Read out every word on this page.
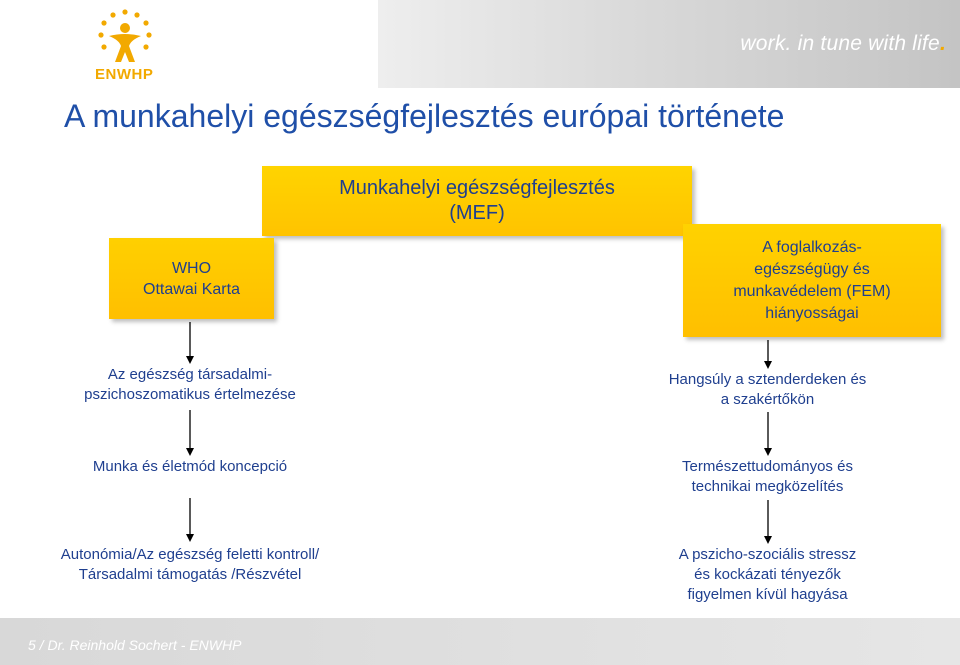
work. in tune with life.
ENWHP
A munkahelyi egészségfejlesztés európai története
Munkahelyi egészségfejlesztés
(MEF)
WHO
Ottawai Karta
A foglalkozás-
egészségügy és
munkavédelem (FEM)
hiányosságai
Az egészség társadalmi-
pszichoszomatikus értelmezése
Munka és életmód koncepció
Autonómia/Az egészség feletti kontroll/
Társadalmi támogatás /Részvétel
Hangsúly a sztenderdeken és
a szakértőkön
Természettudományos és
technikai megközelítés
A pszicho-szociális stressz
és kockázati tényezők
figyelmen kívül hagyása
5 / Dr. Reinhold Sochert - ENWHP
